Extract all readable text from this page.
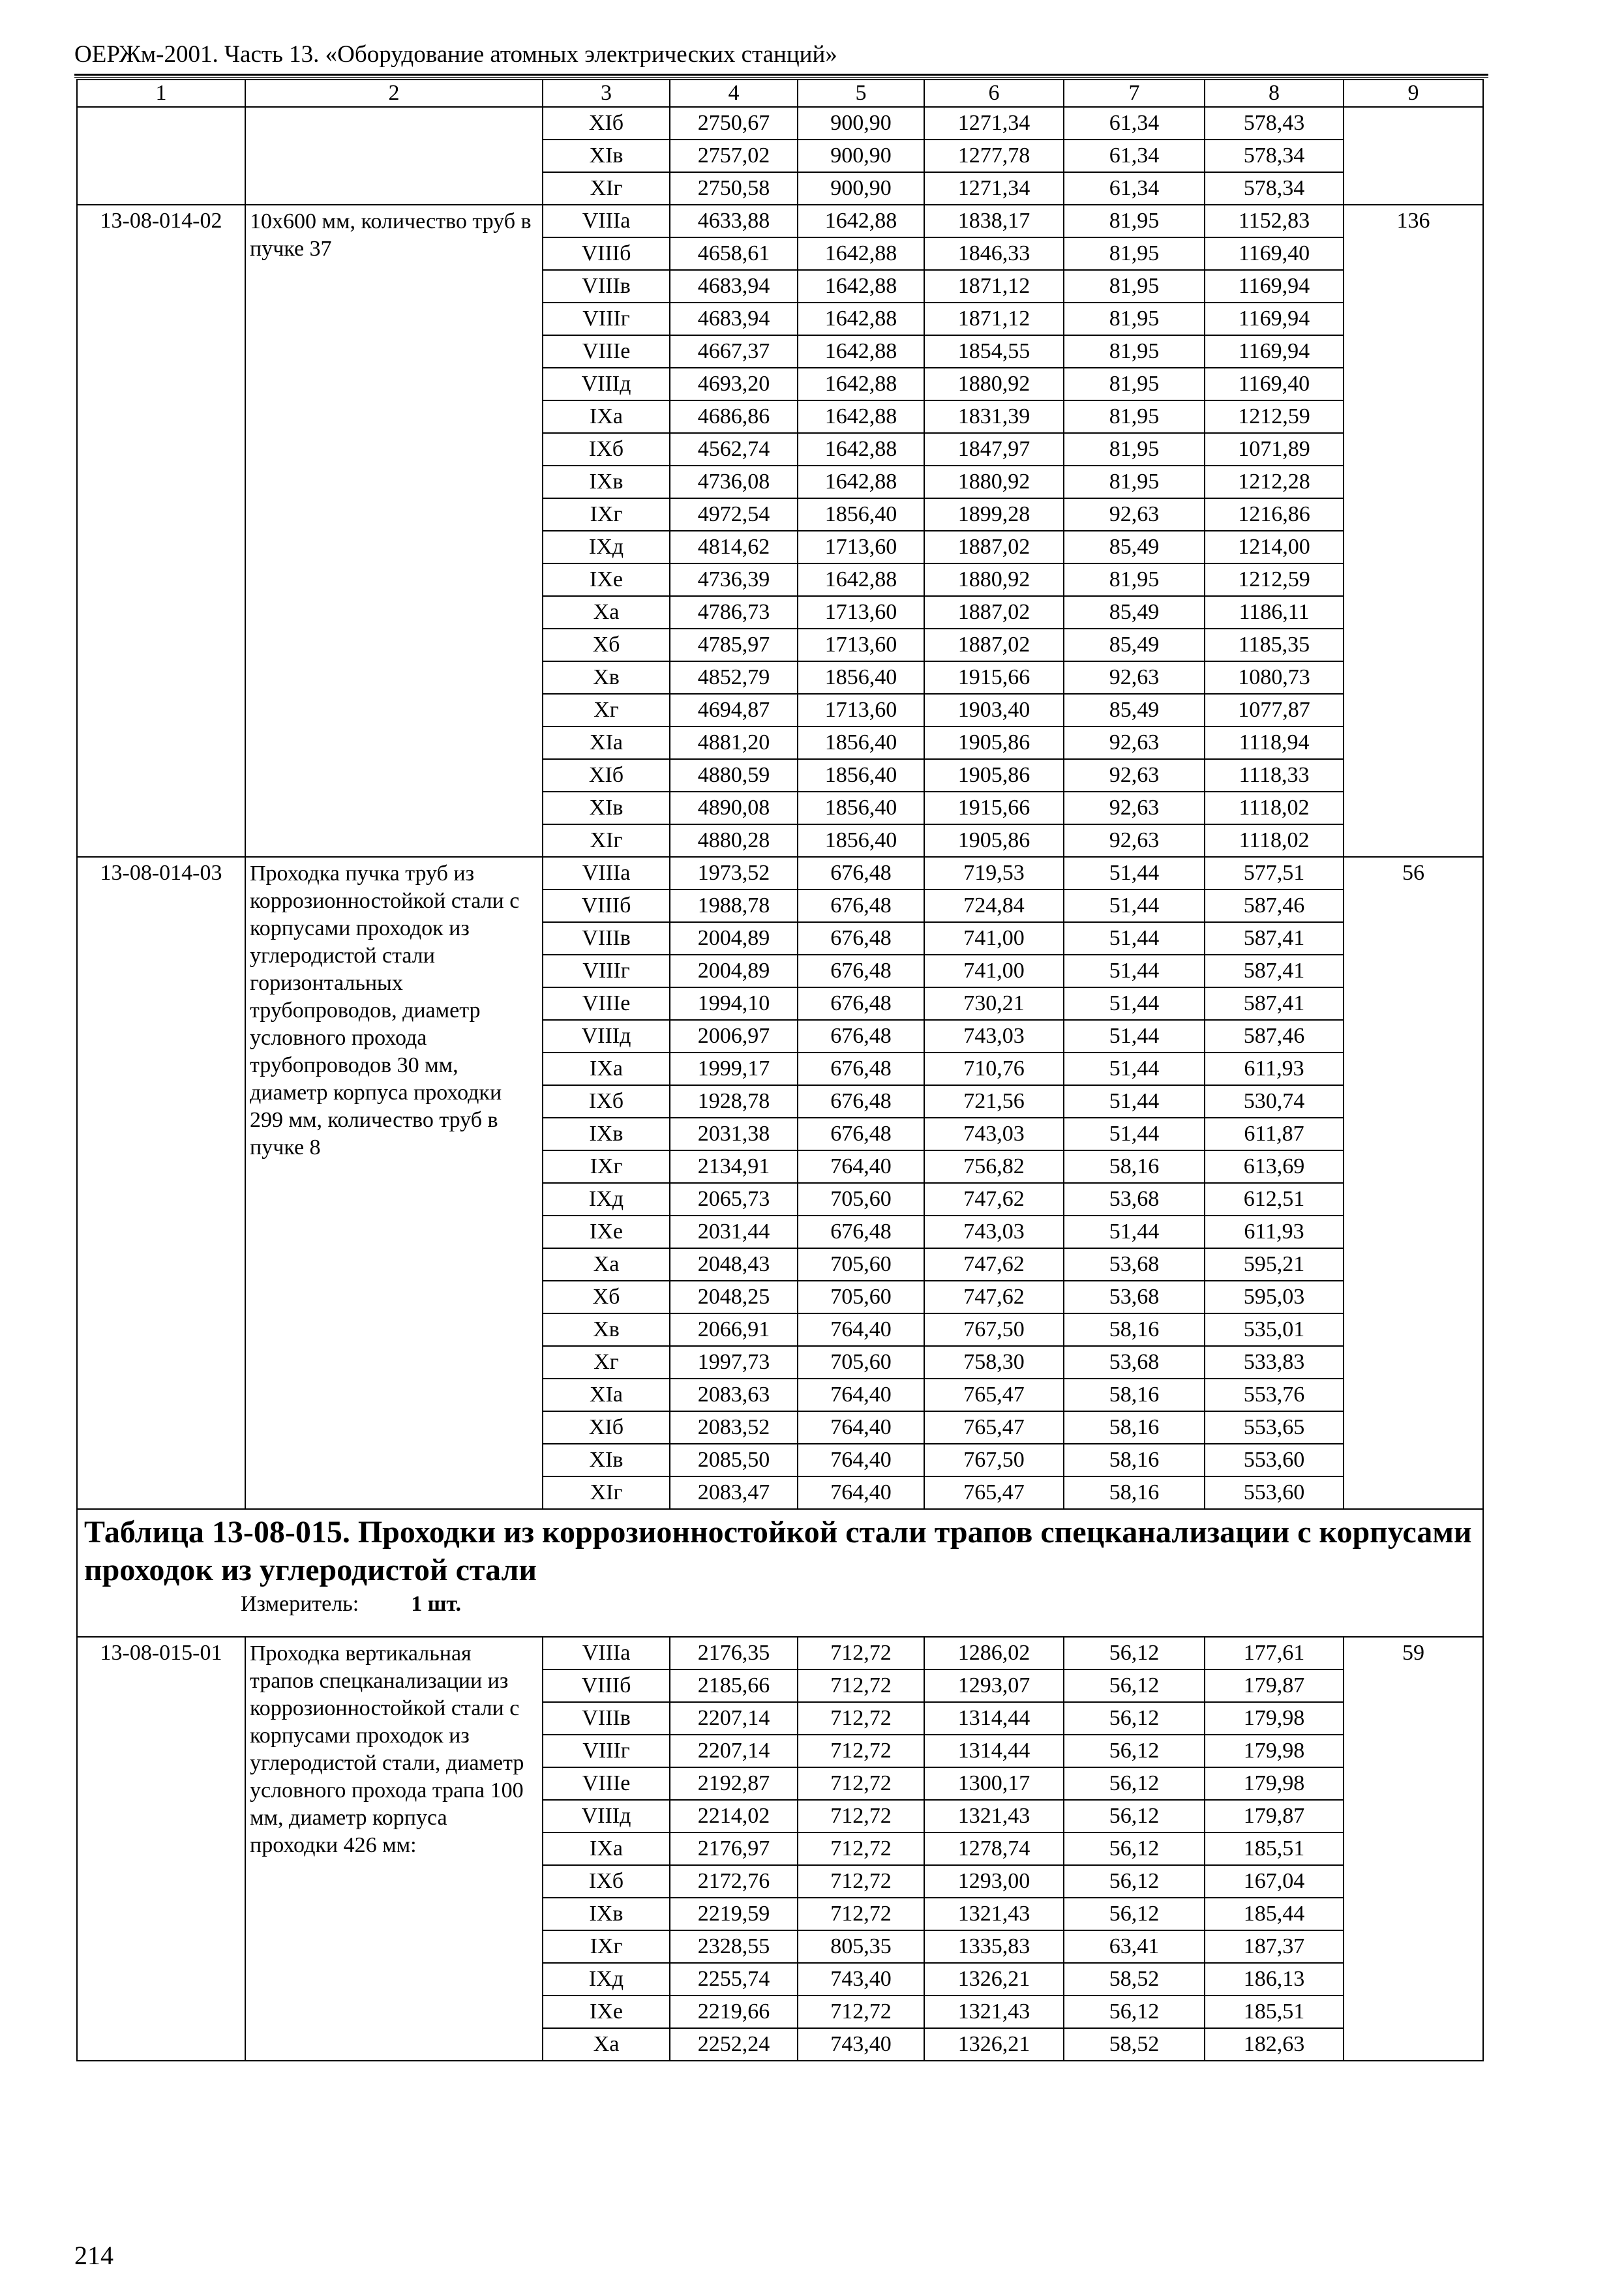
ОЕРЖм-2001. Часть 13. «Оборудование атомных электрических станций»
1	2	3	4	5	6	7	8	9
		XIб	2750,67	900,90	1271,34	61,34	578,43	
		XIв	2757,02	900,90	1277,78	61,34	578,34	
		XIг	2750,58	900,90	1271,34	61,34	578,34	
13-08-014-02	10х600 мм, количество труб в пучке 37	VIIIа	4633,88	1642,88	1838,17	81,95	1152,83	136
		VIIIб	4658,61	1642,88	1846,33	81,95	1169,40	
		VIIIв	4683,94	1642,88	1871,12	81,95	1169,94	
		VIIIг	4683,94	1642,88	1871,12	81,95	1169,94	
		VIIIе	4667,37	1642,88	1854,55	81,95	1169,94	
		VIIIд	4693,20	1642,88	1880,92	81,95	1169,40	
		IXа	4686,86	1642,88	1831,39	81,95	1212,59	
		IXб	4562,74	1642,88	1847,97	81,95	1071,89	
		IXв	4736,08	1642,88	1880,92	81,95	1212,28	
		IXг	4972,54	1856,40	1899,28	92,63	1216,86	
		IXд	4814,62	1713,60	1887,02	85,49	1214,00	
		IXе	4736,39	1642,88	1880,92	81,95	1212,59	
		Xа	4786,73	1713,60	1887,02	85,49	1186,11	
		Xб	4785,97	1713,60	1887,02	85,49	1185,35	
		Xв	4852,79	1856,40	1915,66	92,63	1080,73	
		Xг	4694,87	1713,60	1903,40	85,49	1077,87	
		XIа	4881,20	1856,40	1905,86	92,63	1118,94	
		XIб	4880,59	1856,40	1905,86	92,63	1118,33	
		XIв	4890,08	1856,40	1915,66	92,63	1118,02	
		XIг	4880,28	1856,40	1905,86	92,63	1118,02	
13-08-014-03	Проходка пучка труб из коррозионностойкой стали с корпусами проходок из углеродистой стали горизонтальных трубопроводов, диаметр условного прохода трубопроводов 30 мм, диаметр корпуса проходки 299 мм, количество труб в пучке 8	VIIIа	1973,52	676,48	719,53	51,44	577,51	56
		VIIIб	1988,78	676,48	724,84	51,44	587,46	
		VIIIв	2004,89	676,48	741,00	51,44	587,41	
		VIIIг	2004,89	676,48	741,00	51,44	587,41	
		VIIIе	1994,10	676,48	730,21	51,44	587,41	
		VIIIд	2006,97	676,48	743,03	51,44	587,46	
		IXа	1999,17	676,48	710,76	51,44	611,93	
		IXб	1928,78	676,48	721,56	51,44	530,74	
		IXв	2031,38	676,48	743,03	51,44	611,87	
		IXг	2134,91	764,40	756,82	58,16	613,69	
		IXд	2065,73	705,60	747,62	53,68	612,51	
		IXе	2031,44	676,48	743,03	51,44	611,93	
		Xа	2048,43	705,60	747,62	53,68	595,21	
		Xб	2048,25	705,60	747,62	53,68	595,03	
		Xв	2066,91	764,40	767,50	58,16	535,01	
		Xг	1997,73	705,60	758,30	53,68	533,83	
		XIа	2083,63	764,40	765,47	58,16	553,76	
		XIб	2083,52	764,40	765,47	58,16	553,65	
		XIв	2085,50	764,40	767,50	58,16	553,60	
		XIг	2083,47	764,40	765,47	58,16	553,60	

Таблица 13-08-015. Проходки из коррозионностойкой стали трапов спецканализации с корпусами проходок из углеродистой стали
Измеритель: 1 шт.								

13-08-015-01	Проходка вертикальная трапов спецканализации из коррозионностойкой стали с корпусами проходок из углеродистой стали, диаметр условного прохода трапа 100 мм, диаметр корпуса проходки 426 мм:	VIIIа	2176,35	712,72	1286,02	56,12	177,61	59
		VIIIб	2185,66	712,72	1293,07	56,12	179,87	
		VIIIв	2207,14	712,72	1314,44	56,12	179,98	
		VIIIг	2207,14	712,72	1314,44	56,12	179,98	
		VIIIе	2192,87	712,72	1300,17	56,12	179,98	
		VIIIд	2214,02	712,72	1321,43	56,12	179,87	
		IXа	2176,97	712,72	1278,74	56,12	185,51	
		IXб	2172,76	712,72	1293,00	56,12	167,04	
		IXв	2219,59	712,72	1321,43	56,12	185,44	
		IXг	2328,55	805,35	1335,83	63,41	187,37	
		IXд	2255,74	743,40	1326,21	58,52	186,13	
		IXе	2219,66	712,72	1321,43	56,12	185,51	
		Xа	2252,24	743,40	1326,21	58,52	182,63	
214
